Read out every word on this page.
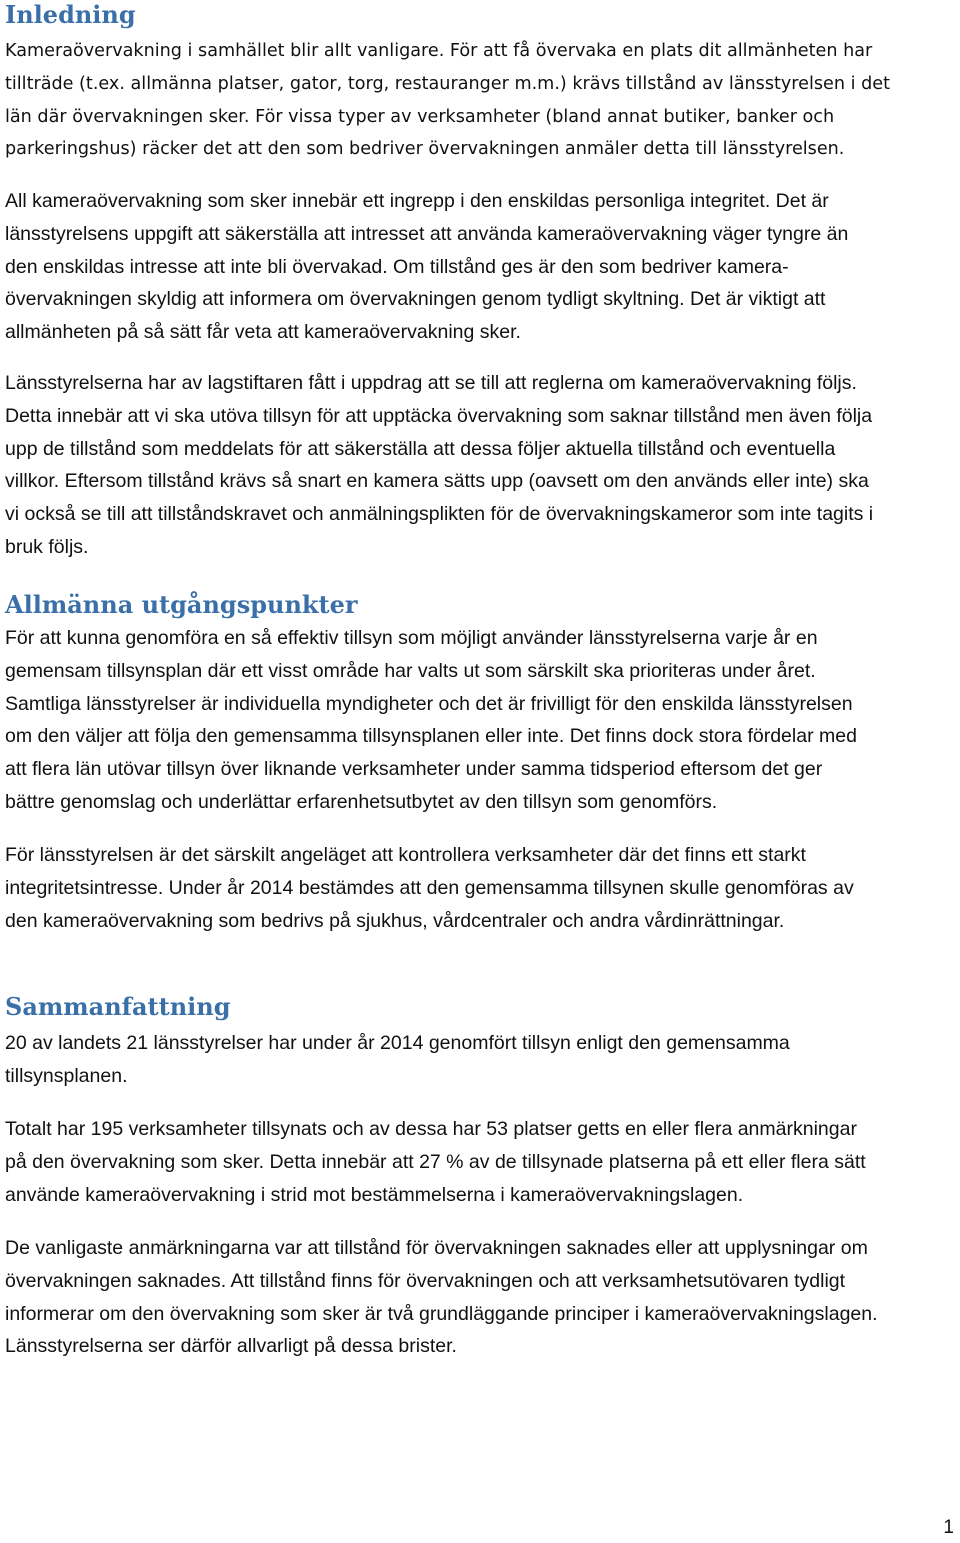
Inledning

Kameraövervakning i samhället blir allt vanligare. För att få övervaka en plats dit allmänheten har
tillträde (t.ex. allmänna platser, gator, torg, restauranger m.m.) krävs tillstånd av länsstyrelsen i det
län där övervakningen sker. För vissa typer av verksamheter (bland annat butiker, banker och
parkeringshus) räcker det att den som bedriver övervakningen anmäler detta till länsstyrelsen.

All kameraövervakning som sker innebär ett ingrepp i den enskildas personliga integritet. Det är
länsstyrelsens uppgift att säkerställa att intresset att använda kameraövervakning väger tyngre än
den enskildas intresse att inte bli övervakad. Om tillstånd ges är den som bedriver kamera-
övervakningen skyldig att informera om övervakningen genom tydligt skyltning. Det är viktigt att
allmänheten på så sätt får veta att kameraövervakning sker.

Länsstyrelserna har av lagstiftaren fått i uppdrag att se till att reglerna om kameraövervakning följs.
Detta innebär att vi ska utöva tillsyn för att upptäcka övervakning som saknar tillstånd men även följa
upp de tillstånd som meddelats för att säkerställa att dessa följer aktuella tillstånd och eventuella
villkor. Eftersom tillstånd krävs så snart en kamera sätts upp (oavsett om den används eller inte) ska
vi också se till att tillståndskravet och anmälningsplikten för de övervakningskameror som inte tagits i
bruk följs.

Allmänna utgångspunkter

För att kunna genomföra en så effektiv tillsyn som möjligt använder länsstyrelserna varje år en
gemensam tillsynsplan där ett visst område har valts ut som särskilt ska prioriteras under året.
Samtliga länsstyrelser är individuella myndigheter och det är frivilligt för den enskilda länsstyrelsen
om den väljer att följa den gemensamma tillsynsplanen eller inte. Det finns dock stora fördelar med
att flera län utövar tillsyn över liknande verksamheter under samma tidsperiod eftersom det ger
bättre genomslag och underlättar erfarenhetsutbytet av den tillsyn som genomförs.

För länsstyrelsen är det särskilt angeläget att kontrollera verksamheter där det finns ett starkt
integritetsintresse. Under år 2014 bestämdes att den gemensamma tillsynen skulle genomföras av
den kameraövervakning som bedrivs på sjukhus, vårdcentraler och andra vårdinrättningar.

Sammanfattning

20 av landets 21 länsstyrelser har under år 2014 genomfört tillsyn enligt den gemensamma
tillsynsplanen.

Totalt har 195 verksamheter tillsynats och av dessa har 53 platser getts en eller flera anmärkningar
på den övervakning som sker. Detta innebär att 27 % av de tillsynade platserna på ett eller flera sätt
använde kameraövervakning i strid mot bestämmelserna i kameraövervakningslagen.

De vanligaste anmärkningarna var att tillstånd för övervakningen saknades eller att upplysningar om
övervakningen saknades. Att tillstånd finns för övervakningen och att verksamhetsutövaren tydligt
informerar om den övervakning som sker är två grundläggande principer i kameraövervakningslagen.
Länsstyrelserna ser därför allvarligt på dessa brister.

1
